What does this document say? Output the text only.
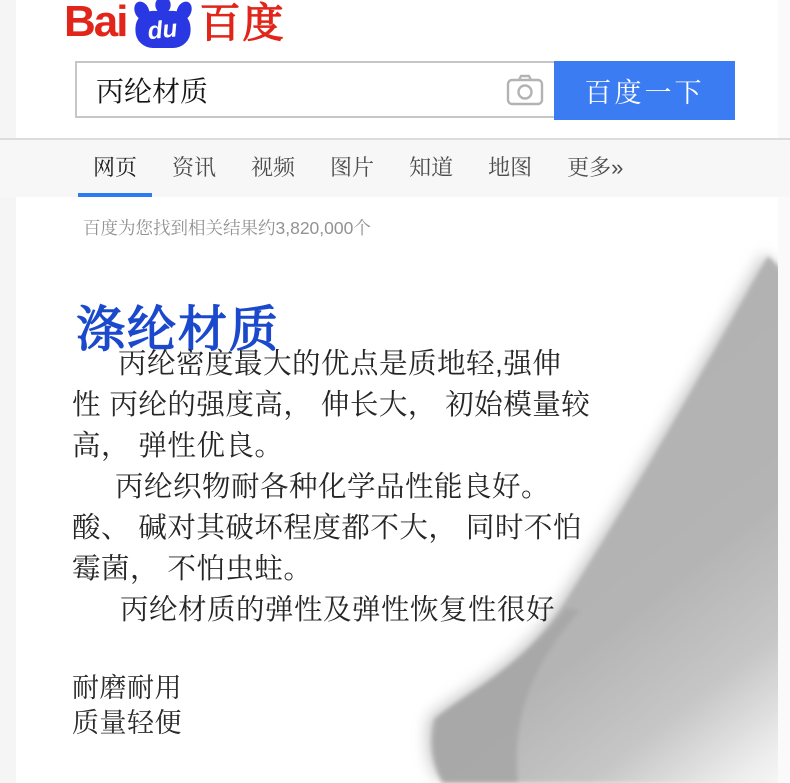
Bai du 百度
丙纶材质
百度一下
网页	资讯	视频	图片	知道	地图	更多»
百度为您找到相关结果约3,820,000个
涤纶材质
丙纶密度最大的优点是质地轻,强伸
性 丙纶的强度高， 伸长大， 初始模量较
高， 弹性优良。
丙纶织物耐各种化学品性能良好。
酸、 碱对其破坏程度都不大， 同时不怕
霉菌， 不怕虫蛀。
丙纶材质的弹性及弹性恢复性很好
耐磨耐用
质量轻便
